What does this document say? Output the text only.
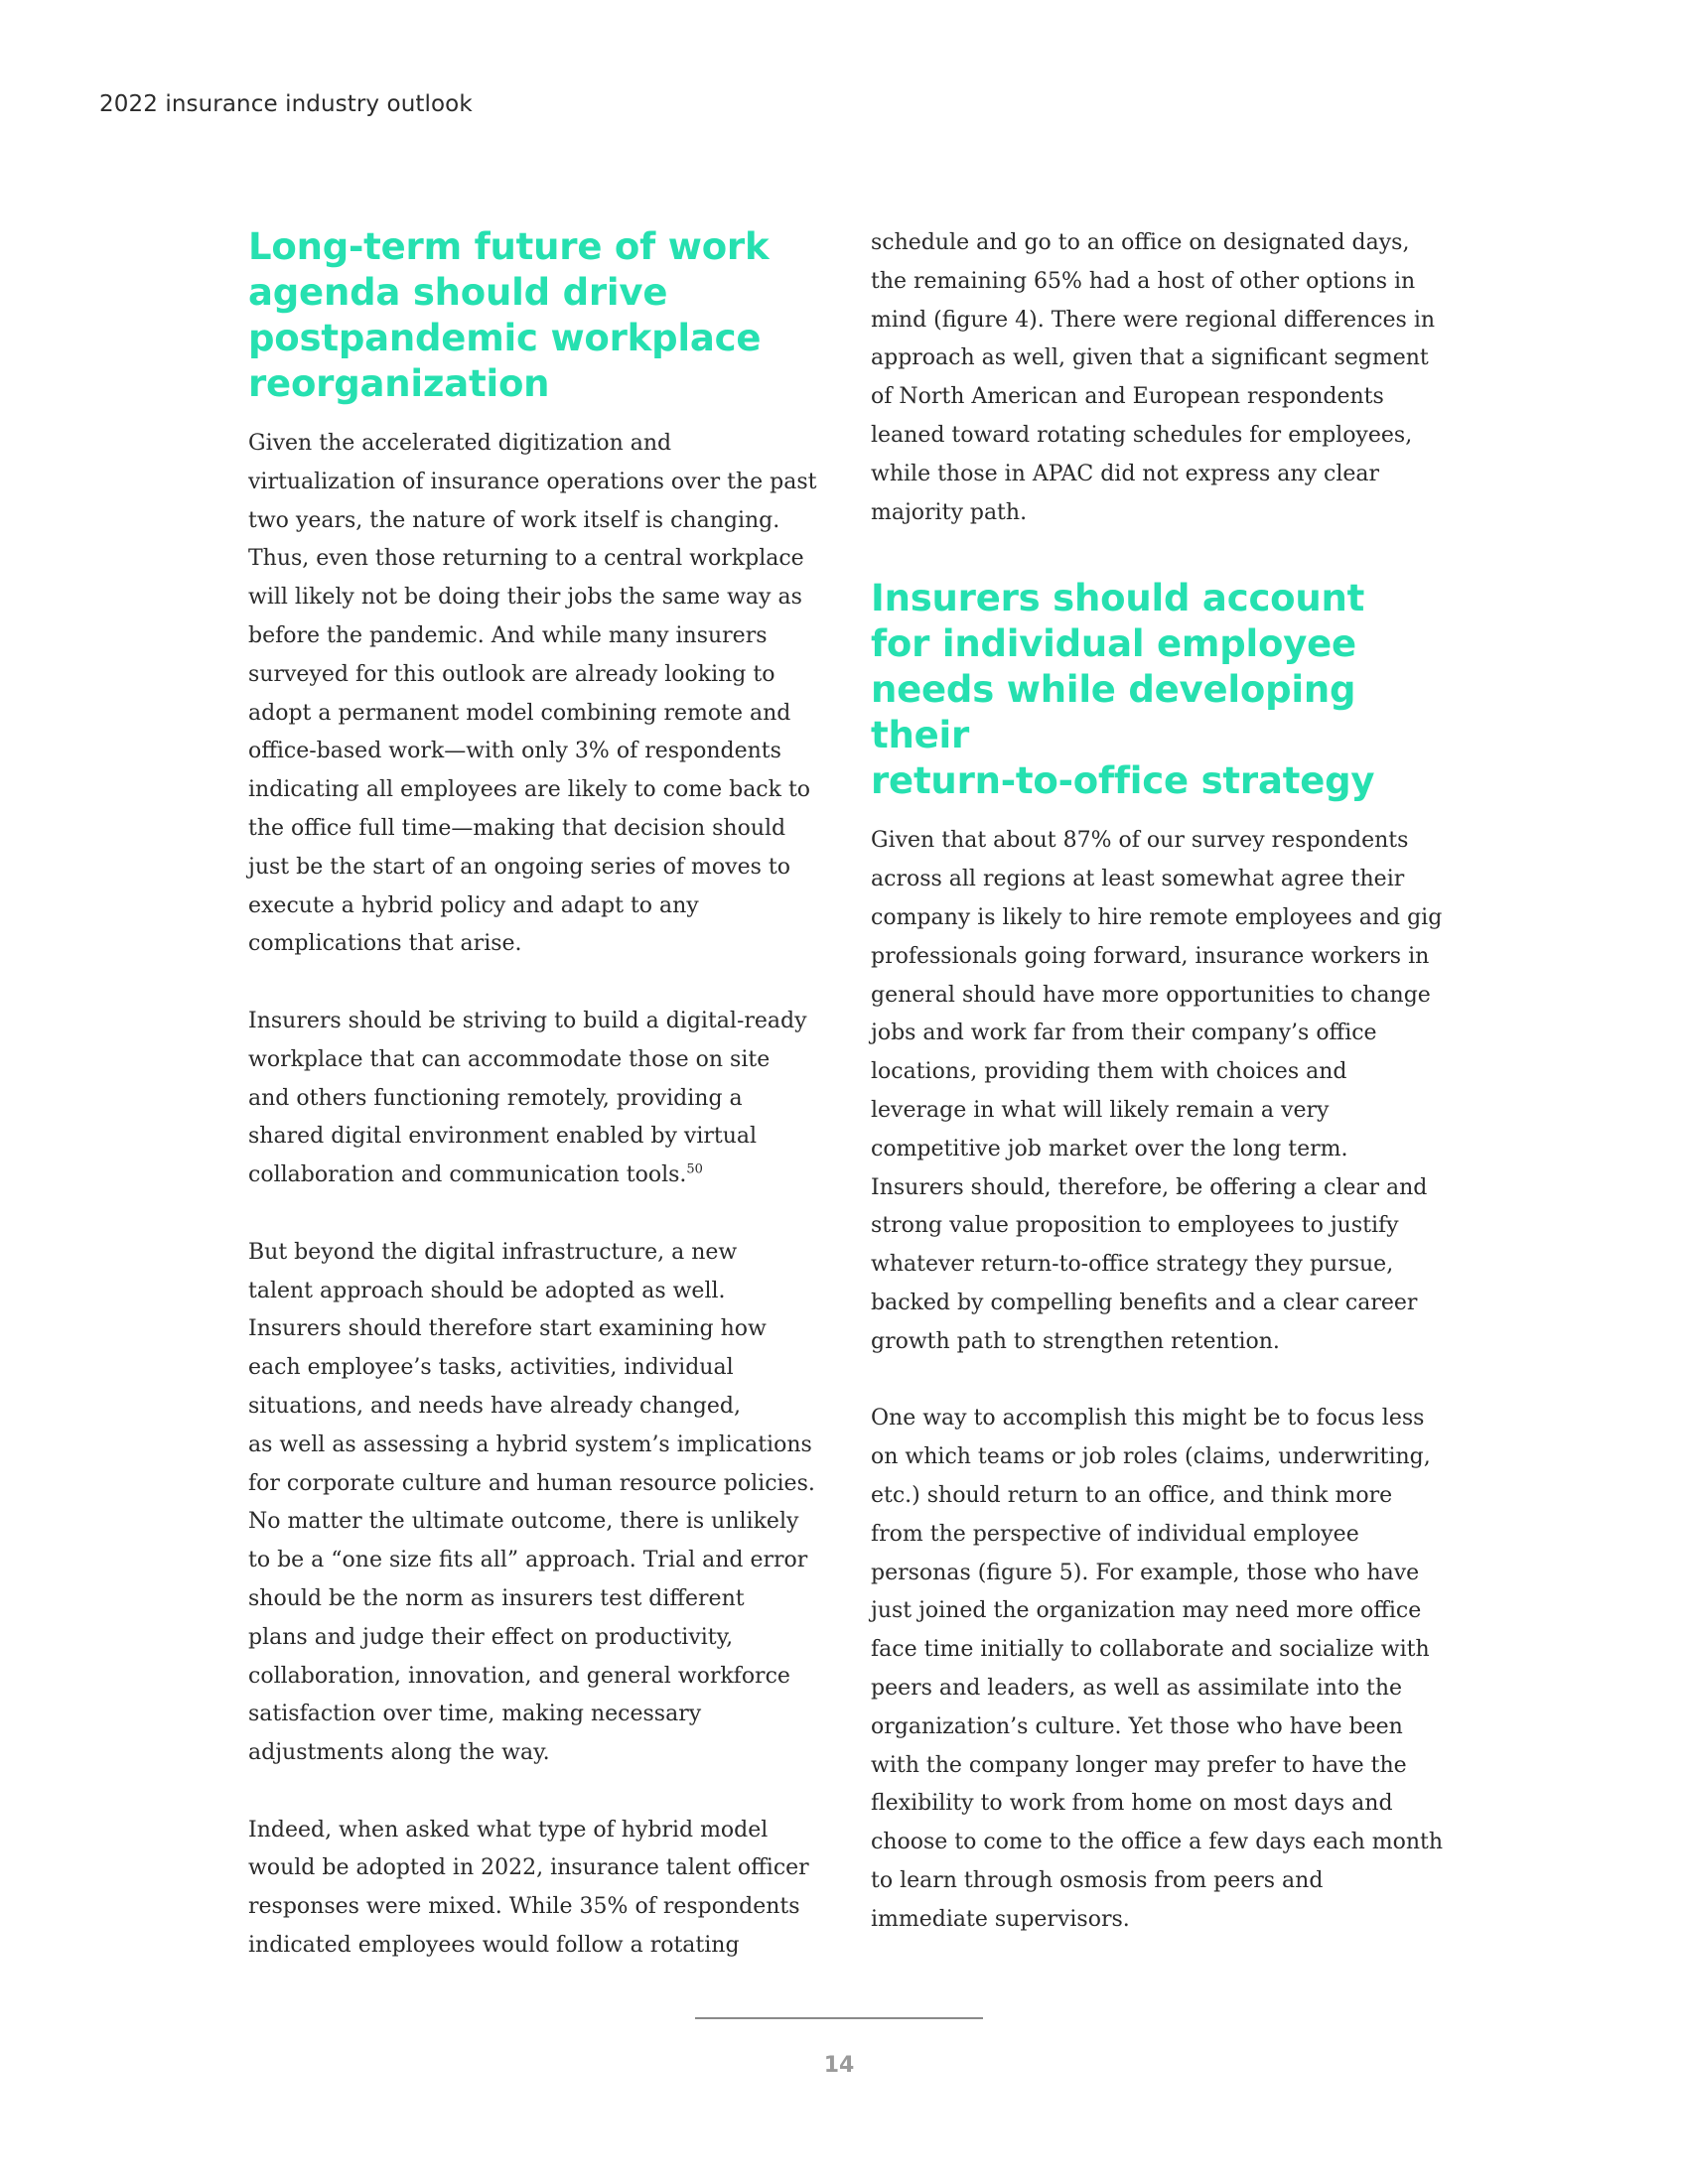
2022 insurance industry outlook
Long-term future of work
agenda should drive
postpandemic workplace
reorganization

Given the accelerated digitization and
virtualization of insurance operations over the past
two years, the nature of work itself is changing.
Thus, even those returning to a central workplace
will likely not be doing their jobs the same way as
before the pandemic. And while many insurers
surveyed for this outlook are already looking to
adopt a permanent model combining remote and
office-based work—with only 3% of respondents
indicating all employees are likely to come back to
the office full time—making that decision should
just be the start of an ongoing series of moves to
execute a hybrid policy and adapt to any
complications that arise.

Insurers should be striving to build a digital-ready
workplace that can accommodate those on site
and others functioning remotely, providing a
shared digital environment enabled by virtual
collaboration and communication tools.$^{50}$

But beyond the digital infrastructure, a new
talent approach should be adopted as well.
Insurers should therefore start examining how
each employee’s tasks, activities, individual
situations, and needs have already changed,
as well as assessing a hybrid system’s implications
for corporate culture and human resource policies.
No matter the ultimate outcome, there is unlikely
to be a “one size fits all” approach. Trial and error
should be the norm as insurers test different
plans and judge their effect on productivity,
collaboration, innovation, and general workforce
satisfaction over time, making necessary
adjustments along the way.

Indeed, when asked what type of hybrid model
would be adopted in 2022, insurance talent officer
responses were mixed. While 35% of respondents
indicated employees would follow a rotating

schedule and go to an office on designated days,
the remaining 65% had a host of other options in
mind (figure 4). There were regional differences in
approach as well, given that a significant segment
of North American and European respondents
leaned toward rotating schedules for employees,
while those in APAC did not express any clear
majority path.

Insurers should account
for individual employee
needs while developing their
return-to-office strategy

Given that about 87% of our survey respondents
across all regions at least somewhat agree their
company is likely to hire remote employees and gig
professionals going forward, insurance workers in
general should have more opportunities to change
jobs and work far from their company’s office
locations, providing them with choices and
leverage in what will likely remain a very
competitive job market over the long term.
Insurers should, therefore, be offering a clear and
strong value proposition to employees to justify
whatever return-to-office strategy they pursue,
backed by compelling benefits and a clear career
growth path to strengthen retention.

One way to accomplish this might be to focus less
on which teams or job roles (claims, underwriting,
etc.) should return to an office, and think more
from the perspective of individual employee
personas (figure 5). For example, those who have
just joined the organization may need more office
face time initially to collaborate and socialize with
peers and leaders, as well as assimilate into the
organization’s culture. Yet those who have been
with the company longer may prefer to have the
flexibility to work from home on most days and
choose to come to the office a few days each month
to learn through osmosis from peers and
immediate supervisors.

14
